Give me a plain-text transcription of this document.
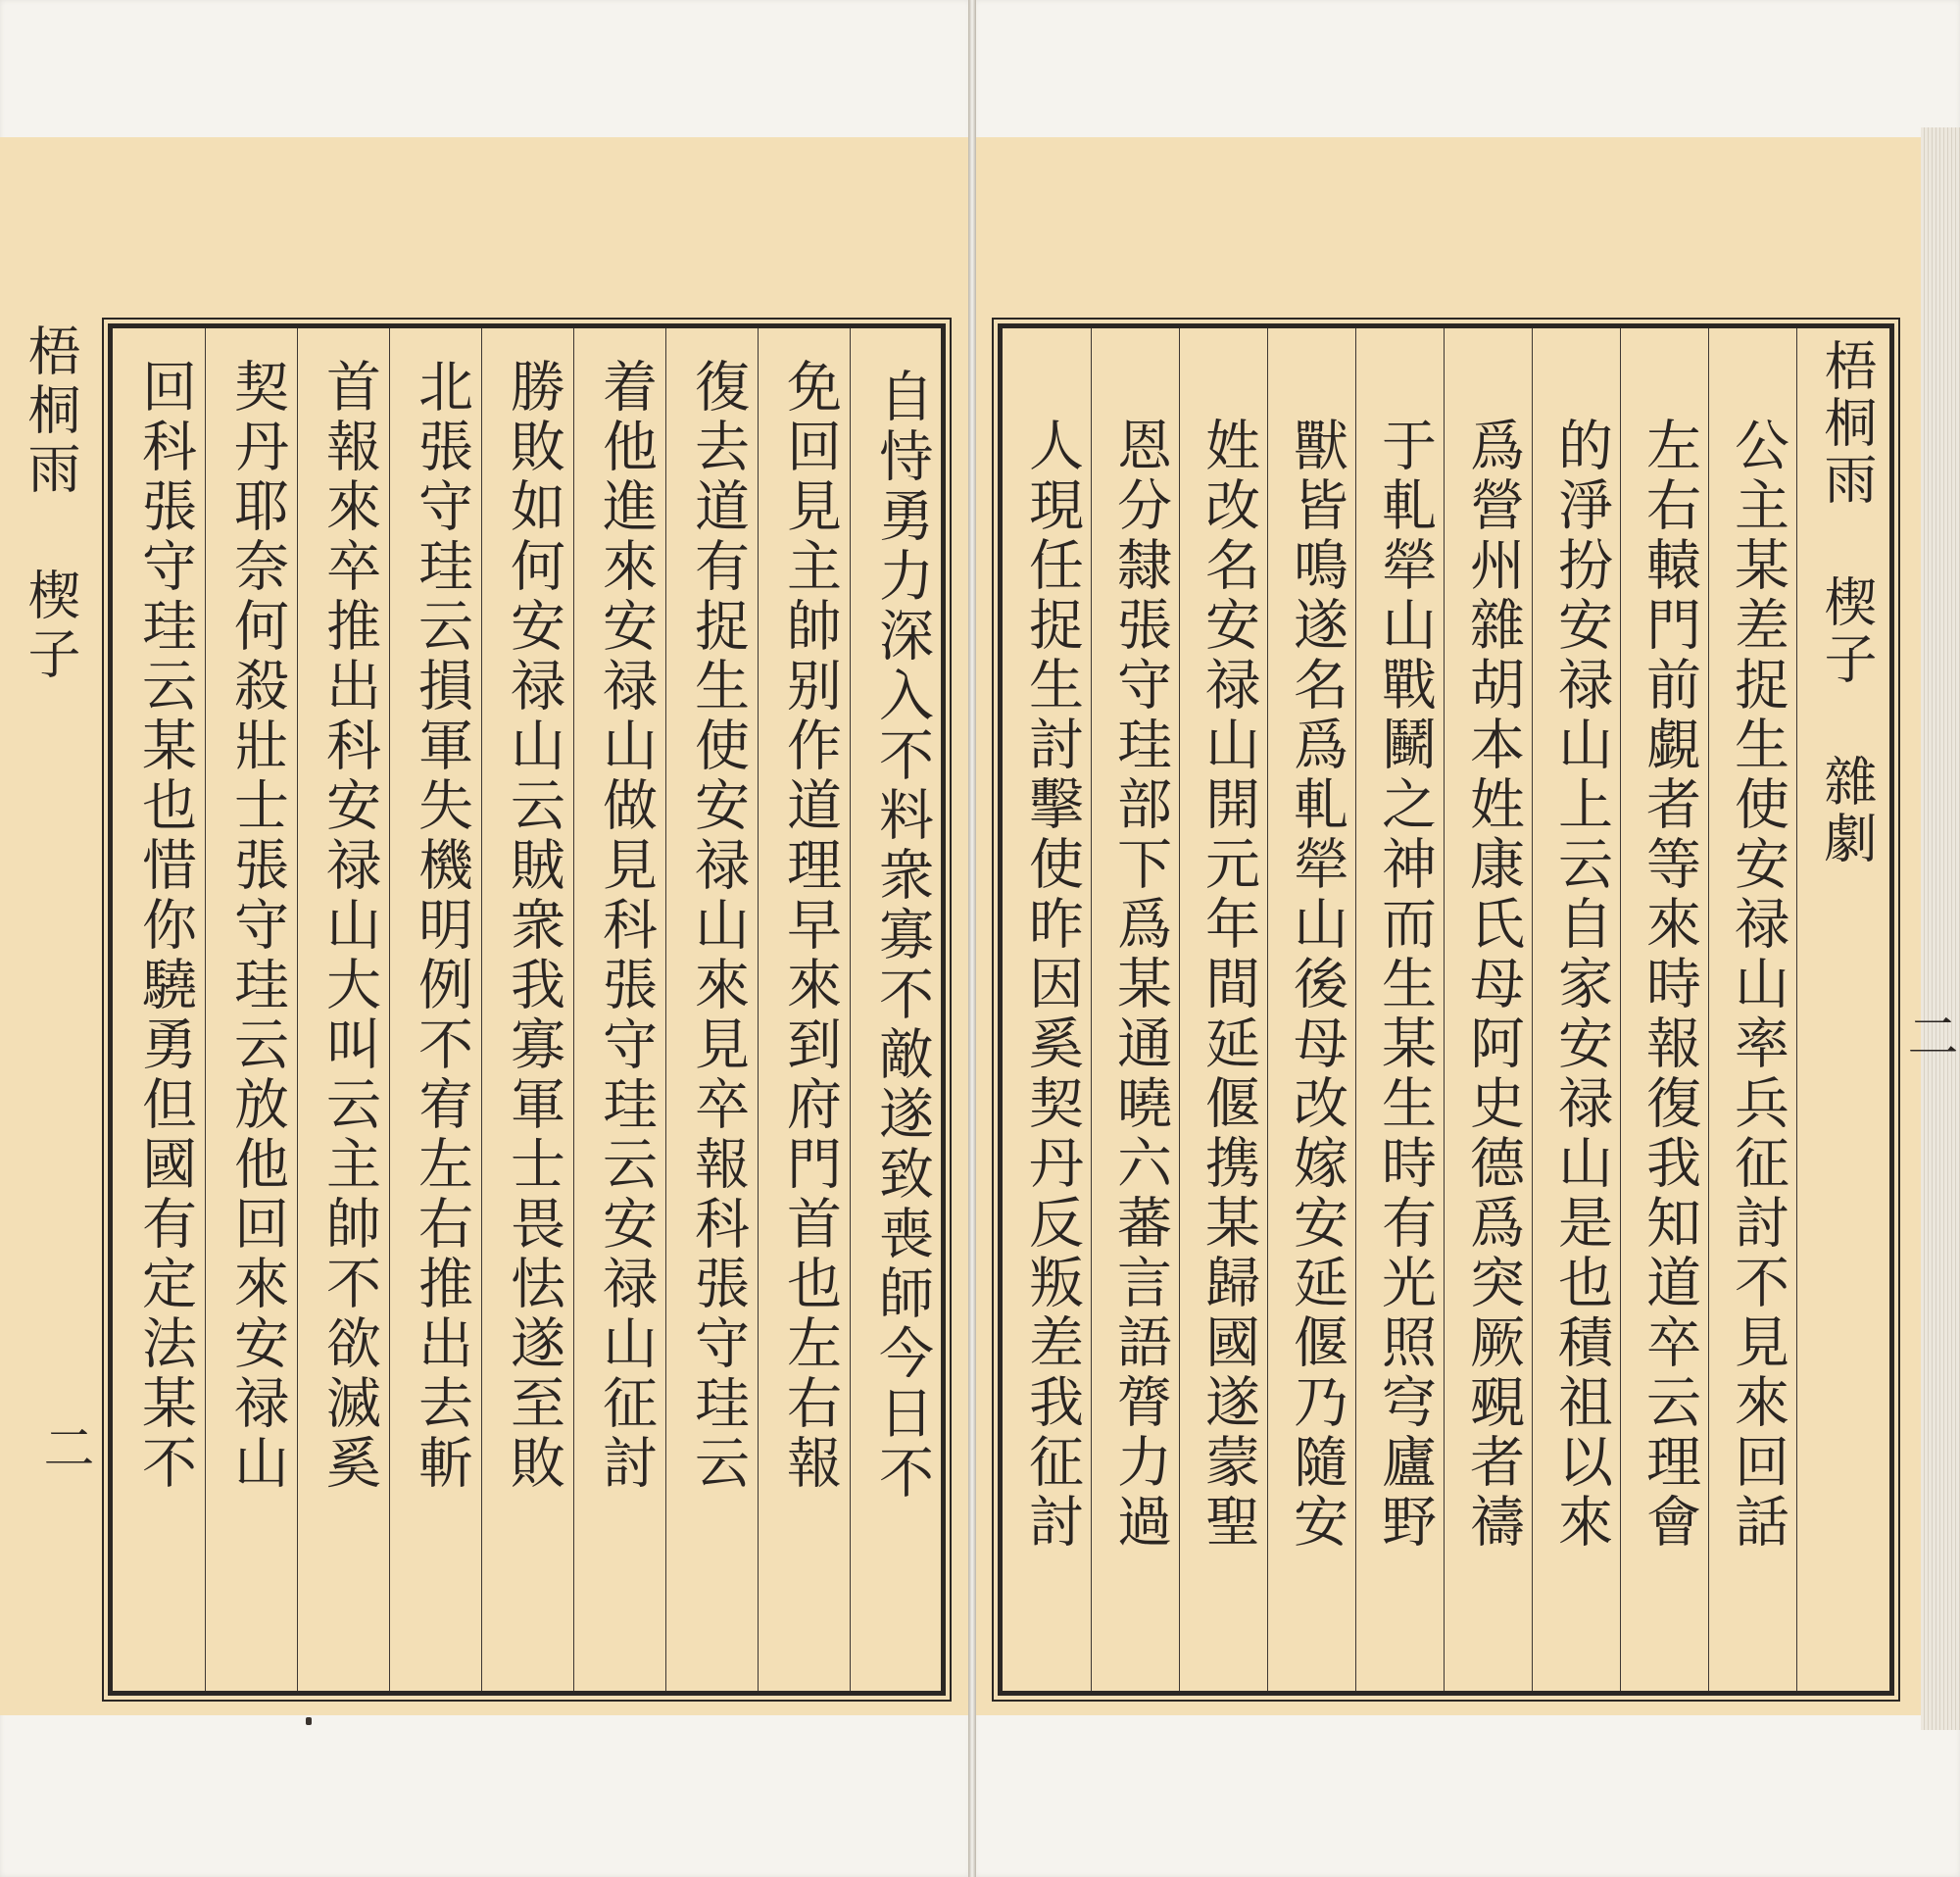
梧桐雨 楔子
二	自恃勇力深入不料衆寡不敵遂致喪師今日不
免回見主帥别作道理早來到府門首也左右報
復去道有捉生使安禄山來見卒報科張守珪云
着他進來安禄山做見科張守珪云安禄山征討
勝敗如何安禄山云賊衆我寡軍士畏怯遂至敗
北張守珪云損軍失機明例不宥左右推出去斬
首報來卒推出科安禄山大叫云主帥不欲滅奚
契丹耶奈何殺壯士張守珪云放他回來安禄山
回科張守珪云某也惜你驍勇但國有定法某不	公主某差捉生使安禄山率兵征討不見來回話
左右轅門前覷者等來時報復我知道卒云理會
的淨扮安禄山上云自家安禄山是也積祖以來
爲營州雜胡本姓康氏母阿史德爲突厥覡者禱
于軋犖山戰鬭之神而生某生時有光照穹廬野
獸皆鳴遂名爲軋犖山後母改嫁安延偃乃隨安
姓改名安禄山開元年間延偃携某歸國遂蒙聖
恩分隸張守珪部下爲某通曉六蕃言語膂力過
人現任捉生討擊使昨因奚契丹反叛差我征討	梧桐雨 楔子 雜劇
二
